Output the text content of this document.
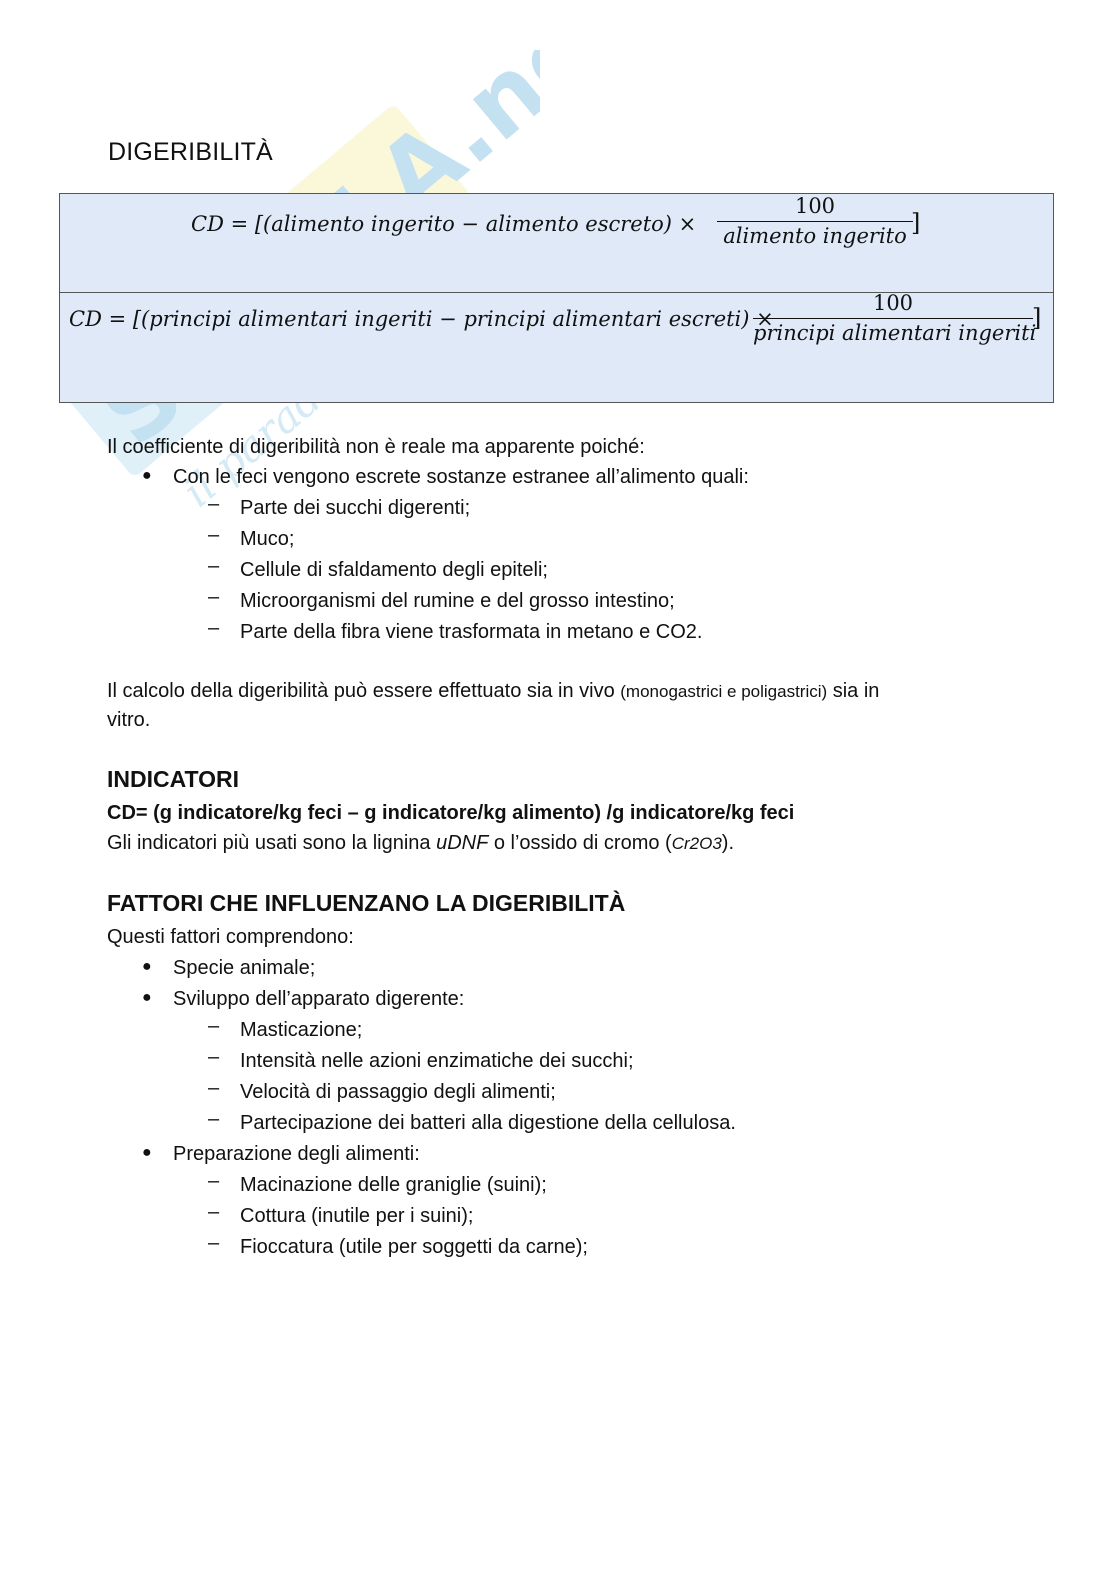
DIGERIBILITÀ
CD = [(alimento ingerito − alimento escreto) ×
100
alimento ingerito ]
CD = [(principi alimentari ingeriti − principi alimentari escreti) ×
100
principi alimentari ingeriti
]
Il coefficiente di digeribilità non è reale ma apparente poiché:
● Con le feci vengono escrete sostanze estranee all’alimento quali:
– Parte dei succhi digerenti;
– Muco;
– Cellule di sfaldamento degli epiteli;
– Microorganismi del rumine e del grosso intestino;
– Parte della fibra viene trasformata in metano e CO2.
Il calcolo della digeribilità può essere effettuato sia in vivo (monogastrici e poligastrici) sia in
vitro.
INDICATORI
CD= (g indicatore/kg feci – g indicatore/kg alimento) /g indicatore/kg feci
Gli indicatori più usati sono la lignina uDNF o l’ossido di cromo (Cr2O3).
FATTORI CHE INFLUENZANO LA DIGERIBILITÀ
Questi fattori comprendono:
● Specie animale;
● Sviluppo dell’apparato digerente:
– Masticazione;
– Intensità nelle azioni enzimatiche dei succhi;
– Velocità di passaggio degli alimenti;
– Partecipazione dei batteri alla digestione della cellulosa.
● Preparazione degli alimenti:
– Macinazione delle graniglie (suini);
– Cottura (inutile per i suini);
– Fioccatura (utile per soggetti da carne);
